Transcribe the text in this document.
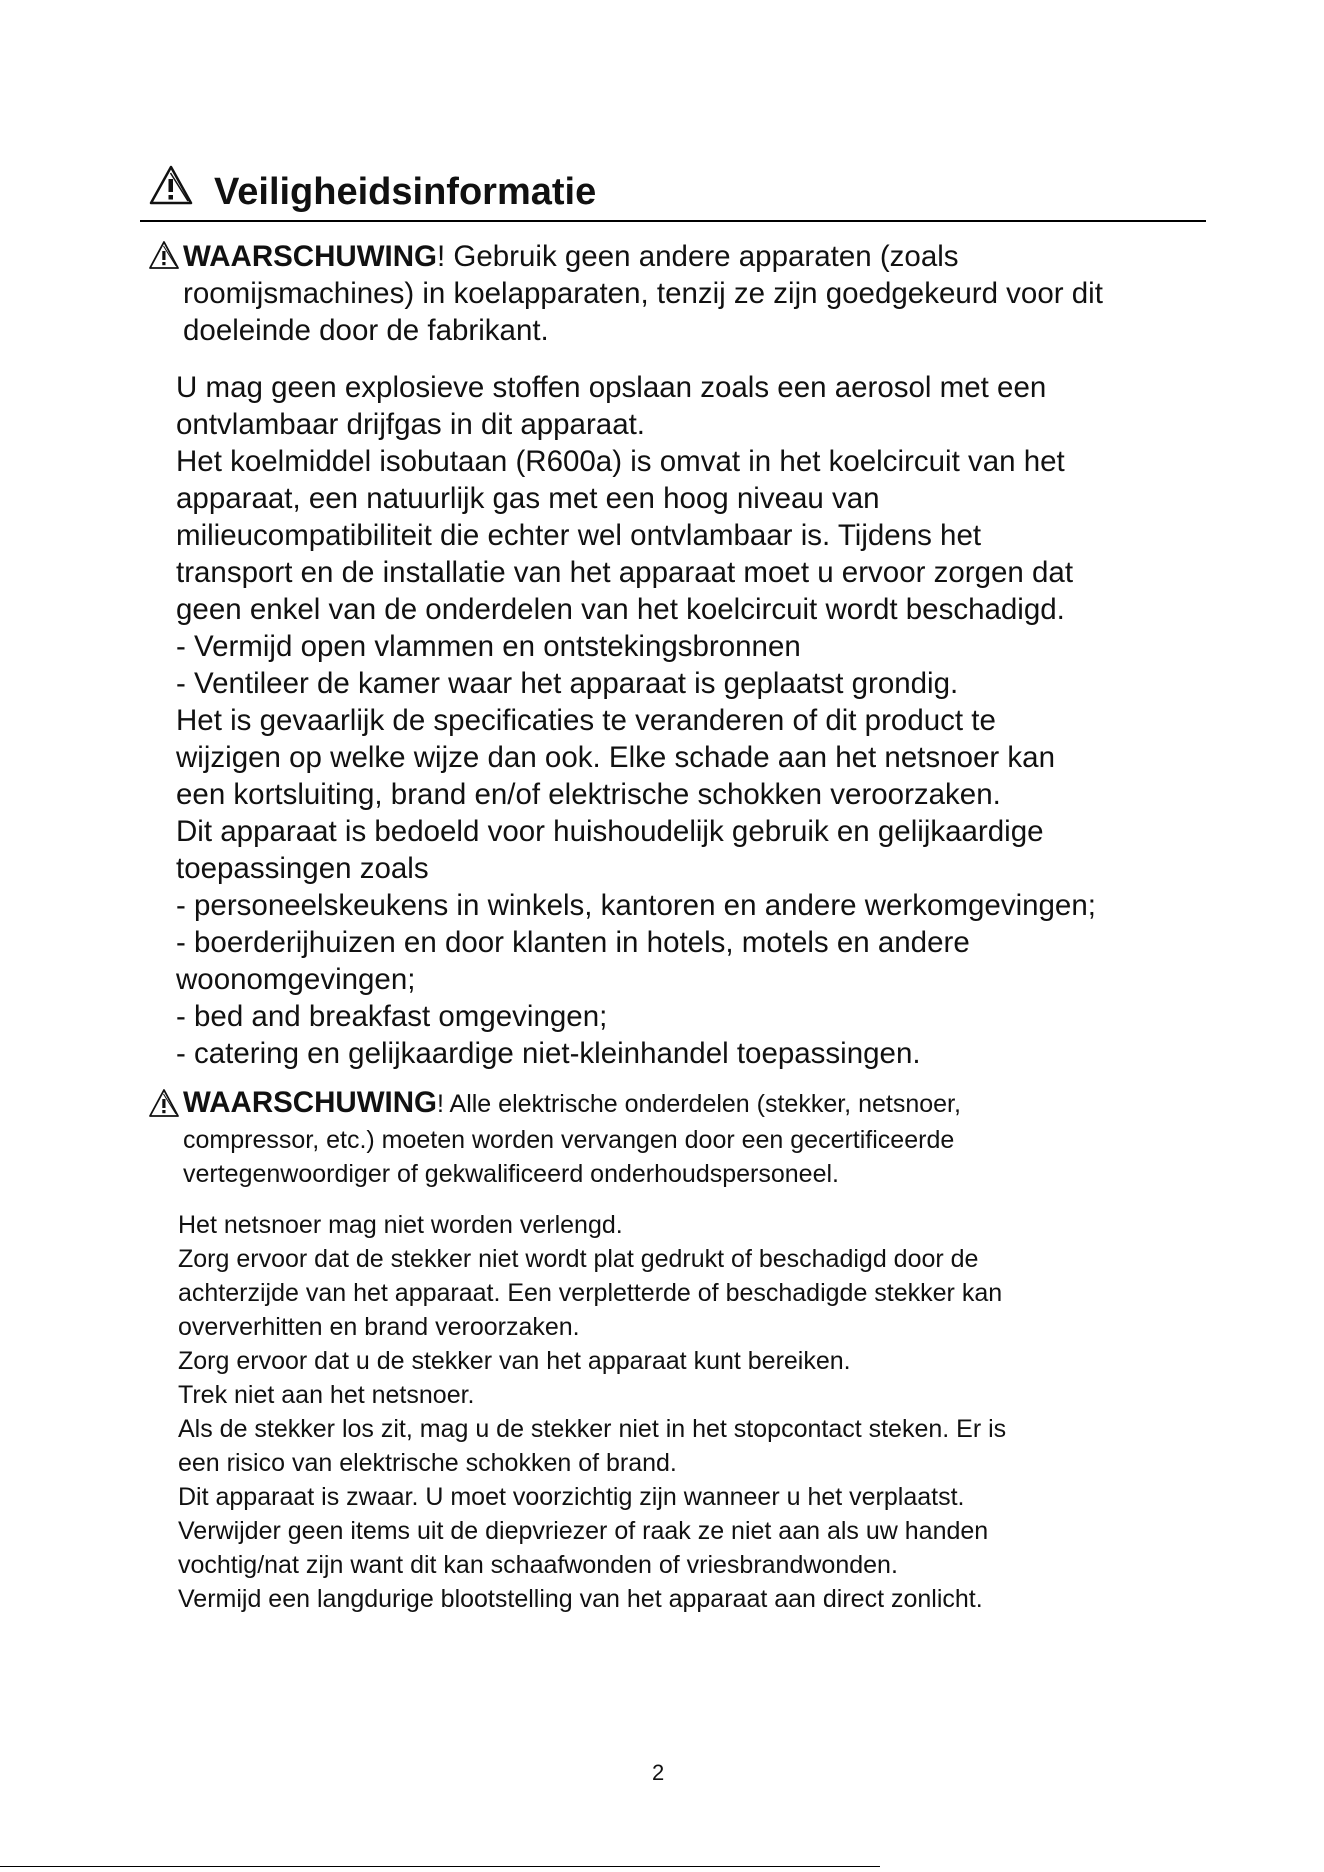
Veiligheidsinformatie
WAARSCHUWING! Gebruik geen andere apparaten (zoals
roomijsmachines) in koelapparaten, tenzij ze zijn goedgekeurd voor dit
doeleinde door de fabrikant.
U mag geen explosieve stoffen opslaan zoals een aerosol met een
ontvlambaar drijfgas in dit apparaat.
Het koelmiddel isobutaan (R600a) is omvat in het koelcircuit van het
apparaat, een natuurlijk gas met een hoog niveau van
milieucompatibiliteit die echter wel ontvlambaar is. Tijdens het
transport en de installatie van het apparaat moet u ervoor zorgen dat
geen enkel van de onderdelen van het koelcircuit wordt beschadigd.
- Vermijd open vlammen en ontstekingsbronnen
- Ventileer de kamer waar het apparaat is geplaatst grondig.
Het is gevaarlijk de specificaties te veranderen of dit product te
wijzigen op welke wijze dan ook. Elke schade aan het netsnoer kan
een kortsluiting, brand en/of elektrische schokken veroorzaken.
Dit apparaat is bedoeld voor huishoudelijk gebruik en gelijkaardige
toepassingen zoals
- personeelskeukens in winkels, kantoren en andere werkomgevingen;
- boerderijhuizen en door klanten in hotels, motels en andere
woonomgevingen;
- bed and breakfast omgevingen;
- catering en gelijkaardige niet-kleinhandel toepassingen.
WAARSCHUWING! Alle elektrische onderdelen (stekker, netsnoer,
compressor, etc.) moeten worden vervangen door een gecertificeerde
vertegenwoordiger of gekwalificeerd onderhoudspersoneel.
Het netsnoer mag niet worden verlengd.
Zorg ervoor dat de stekker niet wordt plat gedrukt of beschadigd door de
achterzijde van het apparaat. Een verpletterde of beschadigde stekker kan
oververhitten en brand veroorzaken.
Zorg ervoor dat u de stekker van het apparaat kunt bereiken.
Trek niet aan het netsnoer.
Als de stekker los zit, mag u de stekker niet in het stopcontact steken. Er is
een risico van elektrische schokken of brand.
Dit apparaat is zwaar. U moet voorzichtig zijn wanneer u het verplaatst.
Verwijder geen items uit de diepvriezer of raak ze niet aan als uw handen
vochtig/nat zijn want dit kan schaafwonden of vriesbrandwonden.
Vermijd een langdurige blootstelling van het apparaat aan direct zonlicht.
2
